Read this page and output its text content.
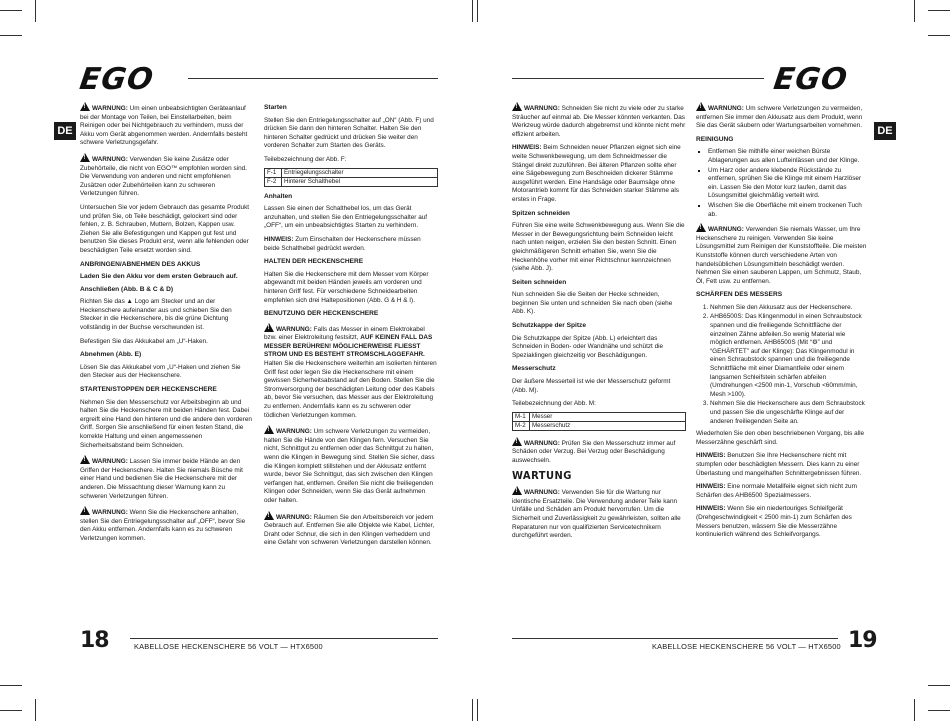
EGO	EGO
DE	DE

!WARNUNG: Um einen unbeabsichtigten Geräteanlauf bei der Montage von Teilen, bei Einstellarbeiten, beim Reinigen oder bei Nichtgebrauch zu verhindern, muss der Akku vom Gerät abgenommen werden. Andernfalls besteht schwere Verletzungsgefahr.

!WARNUNG: Verwenden Sie keine Zusätze oder Zubehörteile, die nicht von EGO™ empfohlen worden sind. Die Verwendung von anderen und nicht empfohlenen Zusätzen oder Zubehörteilen kann zu schweren Verletzungen führen.

Untersuchen Sie vor jedem Gebrauch das gesamte Produkt und prüfen Sie, ob Teile beschädigt, gelockert sind oder fehlen, z. B. Schrauben, Muttern, Bolzen, Kappen usw. Ziehen Sie alle Befestigungen und Kappen gut fest und benutzen Sie dieses Produkt erst, wenn alle fehlenden oder beschädigten Teile ersetzt worden sind.

ANBRINGEN/ABNEHMEN DES AKKUS
Laden Sie den Akku vor dem ersten Gebrauch auf.
Anschließen (Abb. B & C & D)

Richten Sie das ▲ Logo am Stecker und an der Heckenschere aufeinander aus und schieben Sie den Stecker in die Heckenschere, bis die grüne Dichtung vollständig in der Buchse verschwunden ist.

Befestigen Sie das Akkukabel am „U“-Haken.

Abnehmen (Abb. E)

Lösen Sie das Akkukabel vom „U“-Haken und ziehen Sie den Stecker aus der Heckenschere.

STARTEN/STOPPEN DER HECKENSCHERE

Nehmen Sie den Messerschutz vor Arbeitsbeginn ab und halten Sie die Heckenschere mit beiden Händen fest. Dabei ergreift eine Hand den hinteren und die andere den vorderen Griff. Sorgen Sie anschließend für einen festen Stand, die korrekte Haltung und einen angemessenen Sicherheitsabstand beim Schneiden.

!WARNUNG: Lassen Sie immer beide Hände an den Griffen der Heckenschere. Halten Sie niemals Büsche mit einer Hand und bedienen Sie die Heckenschere mit der anderen. Die Missachtung dieser Warnung kann zu schweren Verletzungen führen.

!WARNUNG: Wenn Sie die Heckenschere anhalten, stellen Sie den Entriegelungsschalter auf „OFF“, bevor Sie den Akku entfernen. Andernfalls kann es zu schweren Verletzungen kommen.

Starten

Stellen Sie den Entriegelungsschalter auf „ON“ (Abb. F) und drücken Sie dann den hinteren Schalter. Halten Sie den hinteren Schalter gedrückt und drücken Sie weiter den vorderen Schalter zum Starten des Geräts.

Teilebezeichnung der Abb. F:

F-1	Entriegelungsschalter
F-2	Hinterer Schalthebel
Anhalten

Lassen Sie einen der Schalthebel los, um das Gerät anzuhalten, und stellen Sie den Entriegelungsschalter auf „OFF“, um ein unbeabsichtigtes Starten zu verhindern.

HINWEIS: Zum Einschalten der Heckenschere müssen beide Schalthebel gedrückt werden.

HALTEN DER HECKENSCHERE

Halten Sie die Heckenschere mit dem Messer vom Körper abgewandt mit beiden Händen jeweils am vorderen und hinteren Griff fest. Für verschiedene Schneidearbeiten empfehlen sich drei Haltepositionen (Abb. G & H & I).

BENUTZUNG DER HECKENSCHERE

!WARNUNG: Falls das Messer in einem Elektrokabel bzw. einer Elektroleitung festsitzt, AUF KEINEN FALL DAS MESSER BERÜHREN! MÖGLICHERWEISE FLIESST STROM UND ES BESTEHT STROMSCHLAGGEFAHR. Halten Sie die Heckenschere weiterhin am isolierten hinteren Griff fest oder legen Sie die Heckenschere mit einem gewissen Sicherheitsabstand auf den Boden. Stellen Sie die Stromversorgung der beschädigten Leitung oder des Kabels ab, bevor Sie versuchen, das Messer aus der Elektroleitung zu entfernen. Andernfalls kann es zu schweren oder tödlichen Verletzungen kommen.

!WARNUNG: Um schwere Verletzungen zu vermeiden, halten Sie die Hände von den Klingen fern. Versuchen Sie nicht, Schnittgut zu entfernen oder das Schnittgut zu halten, wenn die Klingen in Bewegung sind. Stellen Sie sicher, dass die Klingen komplett stillstehen und der Akkusatz entfernt wurde, bevor Sie Schnittgut, das sich zwischen den Klingen verfangen hat, entfernen. Greifen Sie nicht die freiliegenden Klingen oder Schneiden, wenn Sie das Gerät aufnehmen oder halten.

!WARNUNG: Räumen Sie den Arbeitsbereich vor jedem Gebrauch auf. Entfernen Sie alle Objekte wie Kabel, Lichter, Draht oder Schnur, die sich in den Klingen verheddern und eine Gefahr von schweren Verletzungen darstellen können.

!WARNUNG: Schneiden Sie nicht zu viele oder zu starke Sträucher auf einmal ab. Die Messer könnten verkanten. Das Werkzeug würde dadurch abgebremst und könnte nicht mehr effizient arbeiten.

HINWEIS: Beim Schneiden neuer Pflanzen eignet sich eine weite Schwenkbewegung, um dem Schneidmesser die Stängel direkt zuzuführen. Bei älteren Pflanzen sollte eher eine Sägebewegung zum Beschneiden dickerer Stämme ausgeführt werden. Eine Handsäge oder Baumsäge ohne Motorantrieb kommt für das Schneiden starker Stämme als erstes in Frage.

Spitzen schneiden

Führen Sie eine weite Schwenkbewegung aus. Wenn Sie die Messer in der Bewegungsrichtung beim Schneiden leicht nach unten neigen, erzielen Sie den besten Schnitt. Einen gleichmäßigeren Schnitt erhalten Sie, wenn Sie die Heckenhöhe vorher mit einer Richtschnur kennzeichnen (siehe Abb. J).

Seiten schneiden

Nun schneiden Sie die Seiten der Hecke schneiden, beginnen Sie unten und schneiden Sie nach oben (siehe Abb. K).

Schutzkappe der Spitze

Die Schutzkappe der Spitze (Abb. L) erleichtert das Schneiden in Boden- oder Wandnähe und schützt die Speziaklingen gleichzeitig vor Beschädigungen.

Messerschutz

Der äußere Messerteil ist wie der Messerschutz geformt (Abb. M).

Teilebezeichnung der Abb. M:

M-1	Messer
M-2	Messerschutz

!WARNUNG: Prüfen Sie den Messerschutz immer auf Schäden oder Verzug. Bei Verzug oder Beschädigung auswechseln.

WARTUNG

!WARNUNG: Verwenden Sie für die Wartung nur identische Ersatzteile. Die Verwendung anderer Teile kann Unfälle und Schäden am Produkt hervorrufen. Um die Sicherheit und Zuverlässigkeit zu gewährleisten, sollten alle Reparaturen nur von qualifizierten Servicetechnikern durchgeführt werden.

!WARNUNG: Um schwere Verletzungen zu vermeiden, entfernen Sie immer den Akkusatz aus dem Produkt, wenn Sie das Gerät säubern oder Wartungsarbeiten vornehmen.

REINIGUNG
▪ Entfernen Sie mithilfe einer weichen Bürste Ablagerungen aus allen Lufteinlässen und der Klinge.
▪ Um Harz oder andere klebende Rückstände zu entfernen, sprühen Sie die Klinge mit einem Harzlöser ein. Lassen Sie den Motor kurz laufen, damit das Lösungsmittel gleichmäßig verteilt wird.
▪ Wischen Sie die Oberfläche mit einem trockenen Tuch ab.

!WARNUNG: Verwenden Sie niemals Wasser, um Ihre Heckenschere zu reinigen. Verwenden Sie keine Lösungsmittel zum Reinigen der Kunststoffteile. Die meisten Kunststoffe können durch verschiedene Arten von handelsüblichen Lösungsmitteln beschädigt werden. Nehmen Sie einen sauberen Lappen, um Schmutz, Staub, Öl, Fett usw. zu entfernen.

SCHÄRFEN DES MESSERS
1. Nehmen Sie den Akkusatz aus der Heckenschere.
2. AHB6500S: Das Klingenmodul in einen Schraubstock spannen und die freiliegende Schnittfläche der einzelnen Zähne abfeilen.So wenig Material wie möglich entfernen. AHB6500S (Mit “⚙” und “GEHÄRTET” auf der Klinge): Das Klingenmodul in einen Schraubstock spannen und die freiliegende Schnittfläche mit einer Diamantfeile oder einem langsamen Schleifstein schärfen abfeilen (Umdrehungen <2500 min-1, Vorschub <60mm/min, Mesh >100).
3. Nehmen Sie die Heckenschere aus dem Schraubstock und passen Sie die ungeschärfte Klinge auf der anderen freiliegenden Seite an.

Wiederholen Sie den oben beschriebenen Vorgang, bis alle Messerzähne geschärft sind.

HINWEIS: Benutzen Sie Ihre Heckenschere nicht mit stumpfen oder beschädigten Messern. Dies kann zu einer Überlastung und mangelhaften Schnittergebnissen führen.

HINWEIS: Eine normale Metallfeile eignet sich nicht zum Schärfen des AHB6500 Spezialmessers.

HINWEIS: Wenn Sie ein niedertouriges Schleifgerät (Drehgeschwindigkeit < 2500 min-1) zum Schärfen des Messers benutzen, wässern Sie die Messerzähne kontinuierlich während des Schleifvorgangs.

18	KABELLOSE HECKENSCHERE 56 VOLT — HTX6500	KABELLOSE HECKENSCHERE 56 VOLT — HTX6500 19
